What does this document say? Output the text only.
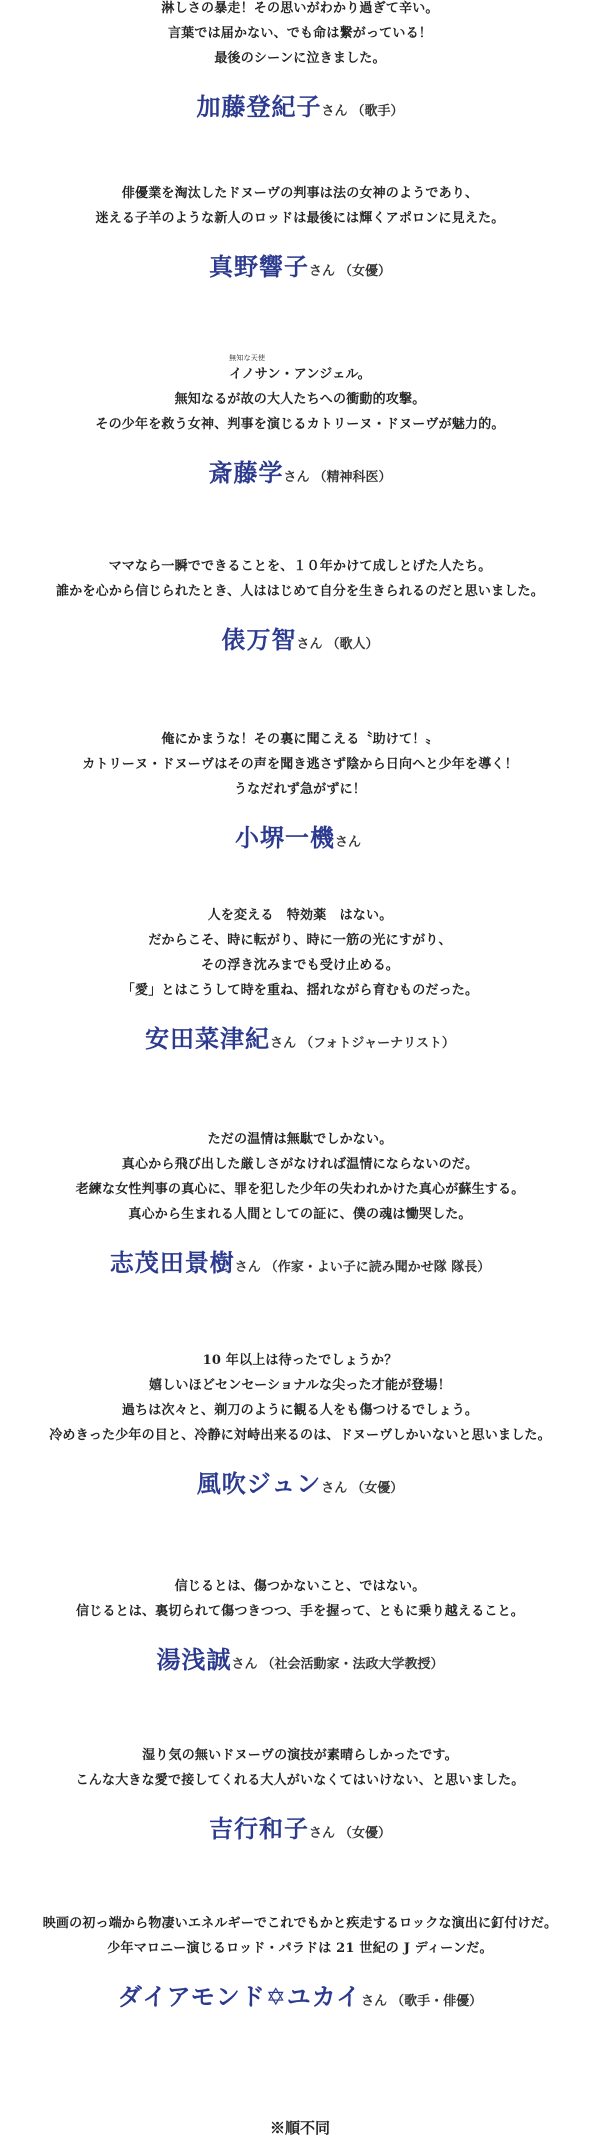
淋しさの暴走！その思いがわかり過ぎて辛い。
言葉では届かない、でも命は繋がっている！
最後のシーンに泣きました。
加藤登紀子さん （歌手）
俳優業を淘汰したドヌーヴの判事は法の女神のようであり、
迷える子羊のような新人のロッドは最後には輝くアポロンに見えた。
真野響子さん （女優）
無知な天使
イノサン・アンジェル。
無知なるが故の大人たちへの衝動的攻撃。
その少年を救う女神、判事を演じるカトリーヌ・ドヌーヴが魅力的。
斎藤学さん （精神科医）
ママなら一瞬でできることを、１０年かけて成しとげた人たち。
誰かを心から信じられたとき、人ははじめて自分を生きられるのだと思いました。
俵万智さん （歌人）
俺にかまうな！その裏に聞こえる〝助けて！〟
カトリーヌ・ドヌーヴはその声を聞き逃さず陰から日向へと少年を導く！
うなだれず急がずに！
小堺一機さん
人を変える　特効薬　はない。
だからこそ、時に転がり、時に一筋の光にすがり、
その浮き沈みまでも受け止める。
「愛」とはこうして時を重ね、揺れながら育むものだった。
安田菜津紀さん （フォトジャーナリスト）
ただの温情は無駄でしかない。
真心から飛び出した厳しさがなければ温情にならないのだ。
老練な女性判事の真心に、罪を犯した少年の失われかけた真心が蘇生する。
真心から生まれる人間としての証に、僕の魂は慟哭した。
志茂田景樹さん （作家・よい子に読み聞かせ隊 隊長）
10 年以上は待ったでしょうか？
嬉しいほどセンセーショナルな尖った才能が登場！
過ちは次々と、剃刀のように観る人をも傷つけるでしょう。
冷めきった少年の目と、冷静に対峙出来るのは、ドヌーヴしかいないと思いました。
風吹ジュンさん （女優）
信じるとは、傷つかないこと、ではない。
信じるとは、裏切られて傷つきつつ、手を握って、ともに乗り越えること。
湯浅誠さん （社会活動家・法政大学教授）
湿り気の無いドヌーヴの演技が素晴らしかったです。
こんな大きな愛で接してくれる大人がいなくてはいけない、と思いました。
吉行和子さん （女優）
映画の初っ端から物凄いエネルギーでこれでもかと疾走するロックな演出に釘付けだ。
少年マロニー演じるロッド・パラドは 21 世紀の J ディーンだ。
ダイアモンド✡ユカイさん （歌手・俳優）
※順不同
